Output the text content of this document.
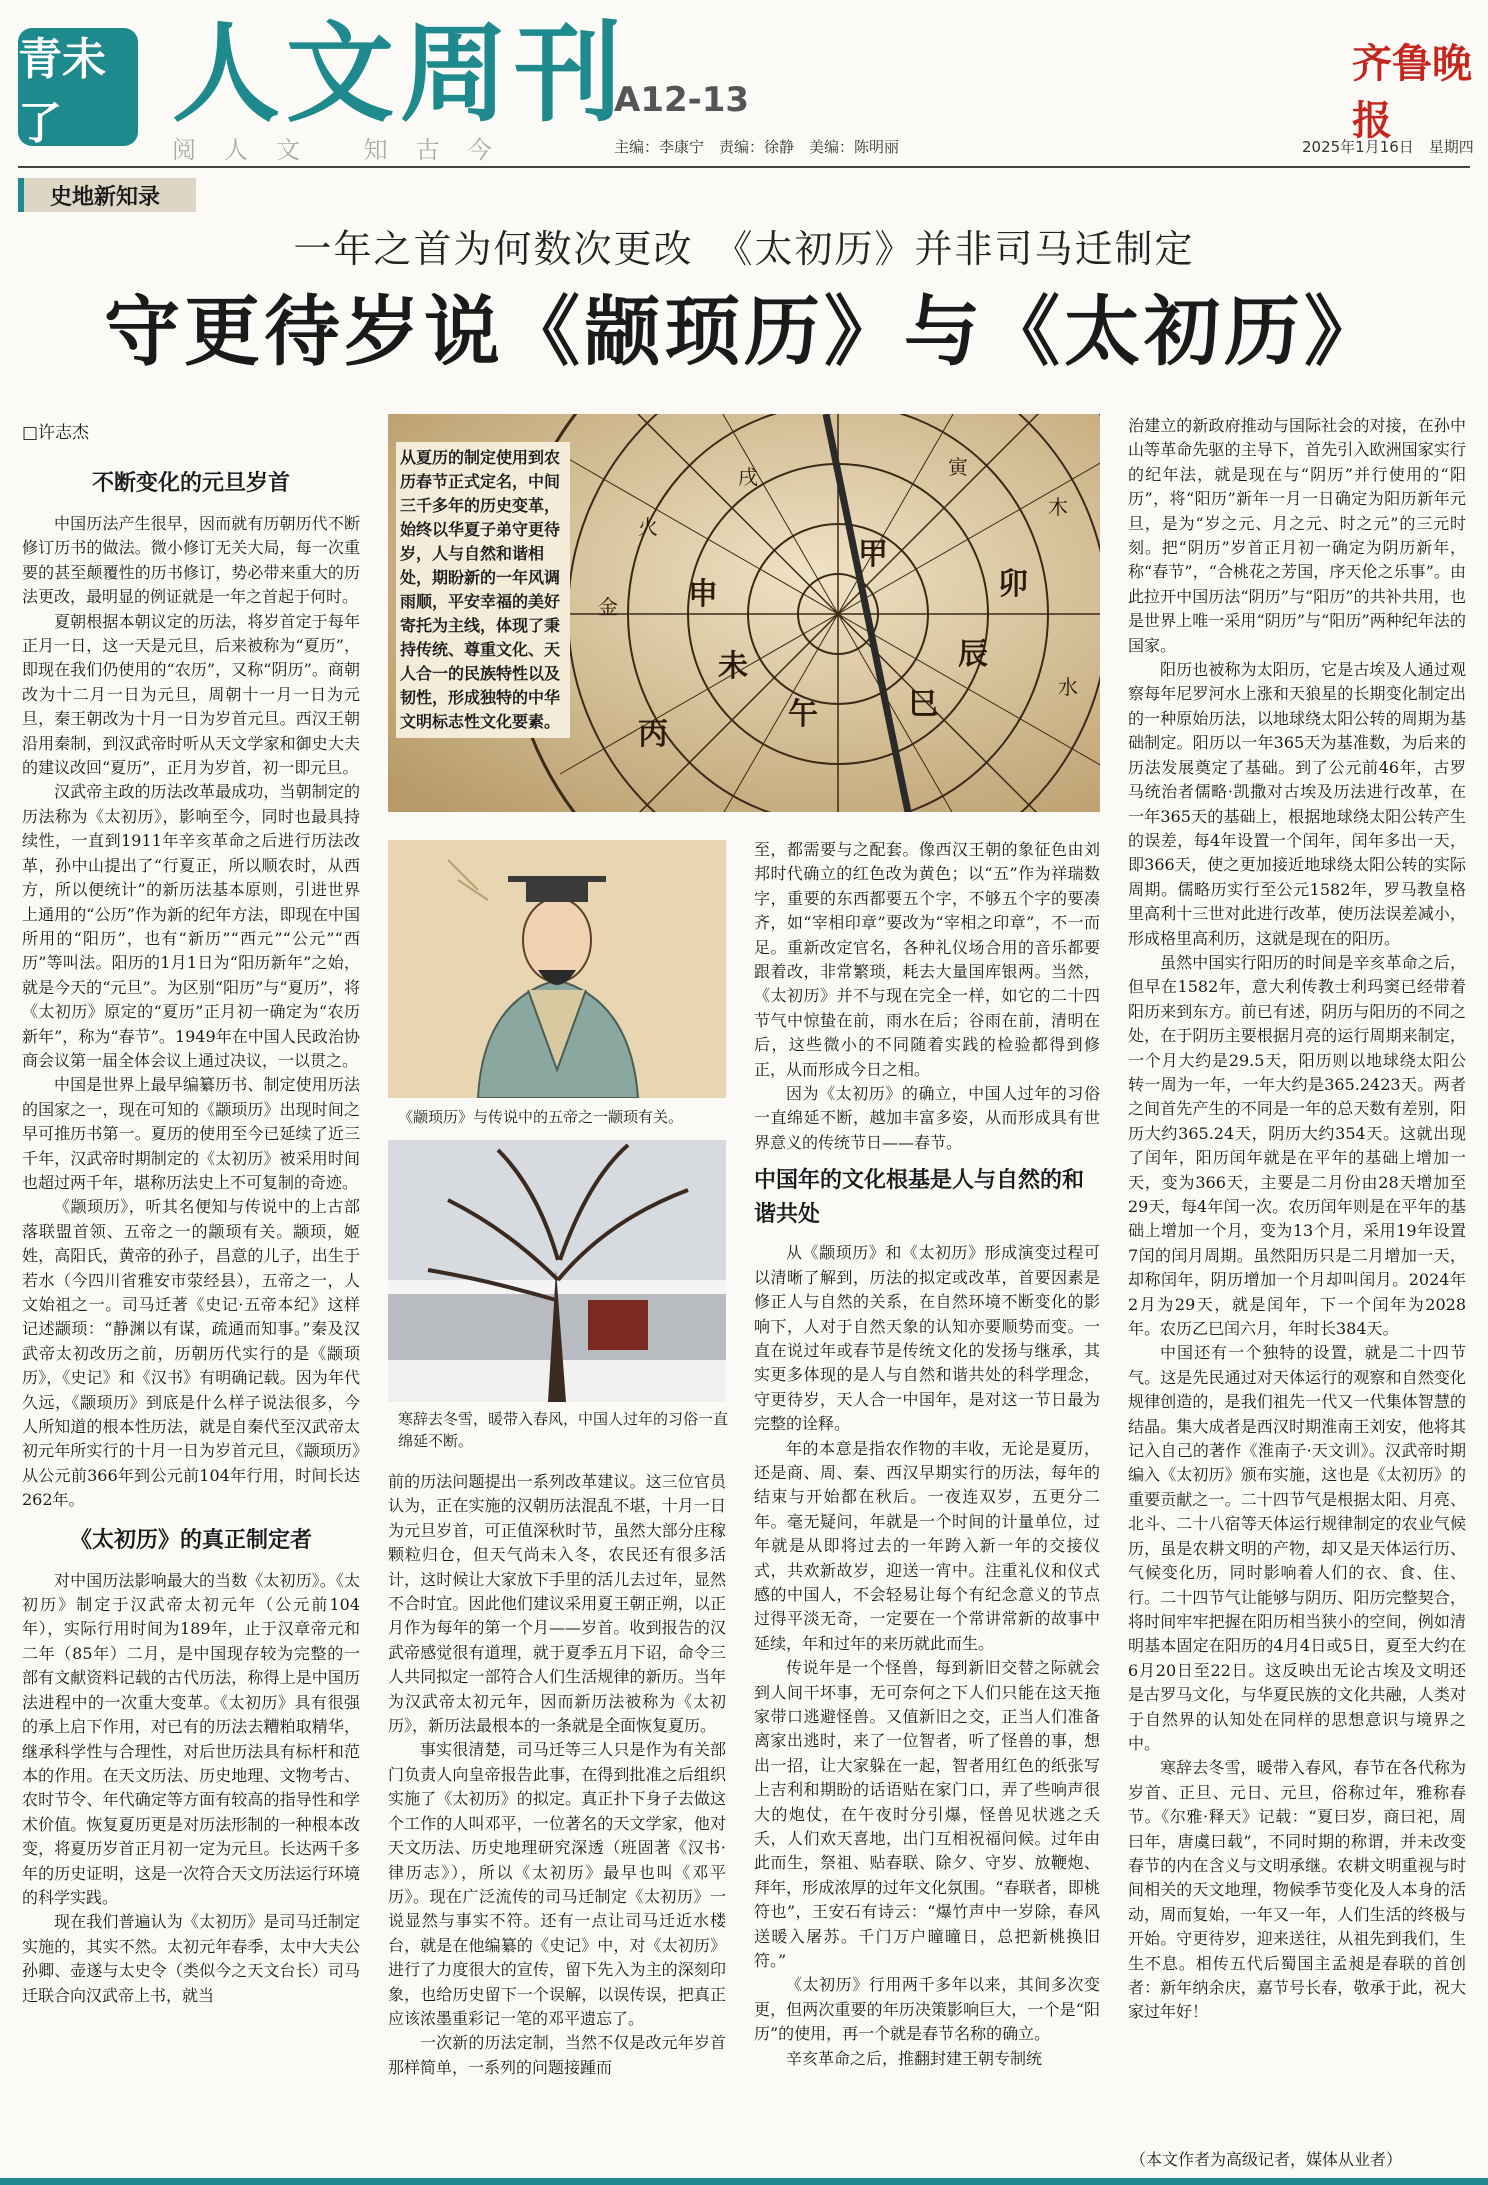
青未了	人文周刊
A12-13
齐鲁晚报
阅人文 知古今	主编：李康宁　责编：徐静　美编：陈明丽	2025年1月16日　星期四
史地新知录
一年之首为何数次更改　《太初历》并非司马迁制定
守更待岁说《颛顼历》与《太初历》
□许志杰
不断变化的元旦岁首

中国历法产生很早，因而就有历朝历代不断修订历书的做法。微小修订无关大局，每一次重要的甚至颠覆性的历书修订，势必带来重大的历法更改，最明显的例证就是一年之首起于何时。

夏朝根据本朝议定的历法，将岁首定于每年正月一日，这一天是元旦，后来被称为“夏历”，即现在我们仍使用的“农历”，又称“阴历”。商朝改为十二月一日为元旦，周朝十一月一日为元旦，秦王朝改为十月一日为岁首元旦。西汉王朝沿用秦制，到汉武帝时听从天文学家和御史大夫的建议改回“夏历”，正月为岁首，初一即元旦。

汉武帝主政的历法改革最成功，当朝制定的历法称为《太初历》，影响至今，同时也最具持续性，一直到1911年辛亥革命之后进行历法改革，孙中山提出了“行夏正，所以顺农时，从西方，所以便统计”的新历法基本原则，引进世界上通用的“公历”作为新的纪年方法，即现在中国所用的“阳历”，也有“新历”“西元”“公元”“西历”等叫法。阳历的1月1日为“阳历新年”之始，就是今天的“元旦”。为区别“阳历”与“夏历”，将《太初历》原定的“夏历”正月初一确定为“农历新年”，称为“春节”。1949年在中国人民政治协商会议第一届全体会议上通过决议，一以贯之。

中国是世界上最早编纂历书、制定使用历法的国家之一，现在可知的《颛顼历》出现时间之早可推历书第一。夏历的使用至今已延续了近三千年，汉武帝时期制定的《太初历》被采用时间也超过两千年，堪称历法史上不可复制的奇迹。

《颛顼历》，听其名便知与传说中的上古部落联盟首领、五帝之一的颛顼有关。颛顼，姬姓，高阳氏，黄帝的孙子，昌意的儿子，出生于若水（今四川省雅安市荥经县），五帝之一，人文始祖之一。司马迁著《史记·五帝本纪》这样记述颛顼：“静渊以有谋，疏通而知事。”秦及汉武帝太初改历之前，历朝历代实行的是《颛顼历》，《史记》和《汉书》有明确记载。因为年代久远，《颛顼历》到底是什么样子说法很多，今人所知道的根本性历法，就是自秦代至汉武帝太初元年所实行的十月一日为岁首元旦，《颛顼历》从公元前366年到公元前104年行用，时间长达262年。

《太初历》的真正制定者

对中国历法影响最大的当数《太初历》。《太初历》制定于汉武帝太初元年（公元前104年），实际行用时间为189年，止于汉章帝元和二年（85年）二月，是中国现存较为完整的一部有文献资料记载的古代历法，称得上是中国历法进程中的一次重大变革。《太初历》具有很强的承上启下作用，对已有的历法去糟粕取精华，继承科学性与合理性，对后世历法具有标杆和范本的作用。在天文历法、历史地理、文物考古、农时节令、年代确定等方面有较高的指导性和学术价值。恢复夏历更是对历法形制的一种根本改变，将夏历岁首正月初一定为元旦。长达两千多年的历史证明，这是一次符合天文历法运行环境的科学实践。

现在我们普遍认为《太初历》是司马迁制定实施的，其实不然。太初元年春季，太中大夫公孙卿、壶遂与太史令（类似今之天文台长）司马迁联合向汉武帝上书，就当

午
未
申
巳
辰
卯
丙
甲
火
金
木
水
寅
戌
从夏历的制定使用到农历春节正式定名，中间三千多年的历史变革，始终以华夏子弟守更待岁，人与自然和谐相处，期盼新的一年风调雨顺，平安幸福的美好寄托为主线，体现了秉持传统、尊重文化、天人合一的民族特性以及韧性，形成独特的中华文明标志性文化要素。
《颛顼历》与传说中的五帝之一颛顼有关。
寒辞去冬雪，暖带入春风，中国人过年的习俗一直绵延不断。

前的历法问题提出一系列改革建议。这三位官员认为，正在实施的汉朝历法混乱不堪，十月一日为元旦岁首，可正值深秋时节，虽然大部分庄稼颗粒归仓，但天气尚未入冬，农民还有很多活计，这时候让大家放下手里的活儿去过年，显然不合时宜。因此他们建议采用夏王朝正朔，以正月作为每年的第一个月——岁首。收到报告的汉武帝感觉很有道理，就于夏季五月下诏，命令三人共同拟定一部符合人们生活规律的新历。当年为汉武帝太初元年，因而新历法被称为《太初历》，新历法最根本的一条就是全面恢复夏历。

事实很清楚，司马迁等三人只是作为有关部门负责人向皇帝报告此事，在得到批准之后组织实施了《太初历》的拟定。真正扑下身子去做这个工作的人叫邓平，一位著名的天文学家，他对天文历法、历史地理研究深透（班固著《汉书·律历志》），所以《太初历》最早也叫《邓平历》。现在广泛流传的司马迁制定《太初历》一说显然与事实不符。还有一点让司马迁近水楼台，就是在他编纂的《史记》中，对《太初历》进行了力度很大的宣传，留下先入为主的深刻印象，也给历史留下一个误解，以误传误，把真正应该浓墨重彩记一笔的邓平遗忘了。

一次新的历法定制，当然不仅是改元年岁首那样简单，一系列的问题接踵而

至，都需要与之配套。像西汉王朝的象征色由刘邦时代确立的红色改为黄色；以“五”作为祥瑞数字，重要的东西都要五个字，不够五个字的要凑齐，如“宰相印章”要改为“宰相之印章”，不一而足。重新改定官名，各种礼仪场合用的音乐都要跟着改，非常繁琐，耗去大量国库银两。当然，《太初历》并不与现在完全一样，如它的二十四节气中惊蛰在前，雨水在后；谷雨在前，清明在后，这些微小的不同随着实践的检验都得到修正，从而形成今日之相。

因为《太初历》的确立，中国人过年的习俗一直绵延不断，越加丰富多姿，从而形成具有世界意义的传统节日——春节。

中国年的文化根基是人与自然的和谐共处

从《颛顼历》和《太初历》形成演变过程可以清晰了解到，历法的拟定或改革，首要因素是修正人与自然的关系，在自然环境不断变化的影响下，人对于自然天象的认知亦要顺势而变。一直在说过年或春节是传统文化的发扬与继承，其实更多体现的是人与自然和谐共处的科学理念，守更待岁，天人合一中国年，是对这一节日最为完整的诠释。

年的本意是指农作物的丰收，无论是夏历，还是商、周、秦、西汉早期实行的历法，每年的结束与开始都在秋后。一夜连双岁，五更分二年。毫无疑问，年就是一个时间的计量单位，过年就是从即将过去的一年跨入新一年的交接仪式，共欢新故岁，迎送一宵中。注重礼仪和仪式感的中国人，不会轻易让每个有纪念意义的节点过得平淡无奇，一定要在一个常讲常新的故事中延续，年和过年的来历就此而生。

传说年是一个怪兽，每到新旧交替之际就会到人间干坏事，无可奈何之下人们只能在这天拖家带口逃避怪兽。又值新旧之交，正当人们准备离家出逃时，来了一位智者，听了怪兽的事，想出一招，让大家躲在一起，智者用红色的纸张写上吉利和期盼的话语贴在家门口，弄了些响声很大的炮仗，在午夜时分引爆，怪兽见状逃之夭夭，人们欢天喜地，出门互相祝福问候。过年由此而生，祭祖、贴春联、除夕、守岁、放鞭炮、拜年，形成浓厚的过年文化氛围。“春联者，即桃符也”，王安石有诗云：“爆竹声中一岁除，春风送暖入屠苏。千门万户曈曈日，总把新桃换旧符。”

《太初历》行用两千多年以来，其间多次变更，但两次重要的年历决策影响巨大，一个是“阳历”的使用，再一个就是春节名称的确立。

辛亥革命之后，推翻封建王朝专制统

治建立的新政府推动与国际社会的对接，在孙中山等革命先驱的主导下，首先引入欧洲国家实行的纪年法，就是现在与“阴历”并行使用的“阳历”，将“阳历”新年一月一日确定为阳历新年元旦，是为“岁之元、月之元、时之元”的三元时刻。把“阴历”岁首正月初一确定为阴历新年，称“春节”，“合桃花之芳国，序天伦之乐事”。由此拉开中国历法“阴历”与“阳历”的共补共用，也是世界上唯一采用“阴历”与“阳历”两种纪年法的国家。

阳历也被称为太阳历，它是古埃及人通过观察每年尼罗河水上涨和天狼星的长期变化制定出的一种原始历法，以地球绕太阳公转的周期为基础制定。阳历以一年365天为基准数，为后来的历法发展奠定了基础。到了公元前46年，古罗马统治者儒略·凯撒对古埃及历法进行改革，在一年365天的基础上，根据地球绕太阳公转产生的误差，每4年设置一个闰年，闰年多出一天，即366天，使之更加接近地球绕太阳公转的实际周期。儒略历实行至公元1582年，罗马教皇格里高利十三世对此进行改革，使历法误差减小，形成格里高利历，这就是现在的阳历。

虽然中国实行阳历的时间是辛亥革命之后，但早在1582年，意大利传教士利玛窦已经带着阳历来到东方。前已有述，阴历与阳历的不同之处，在于阴历主要根据月亮的运行周期来制定，一个月大约是29.5天，阳历则以地球绕太阳公转一周为一年，一年大约是365.2423天。两者之间首先产生的不同是一年的总天数有差别，阳历大约365.24天，阴历大约354天。这就出现了闰年，阳历闰年就是在平年的基础上增加一天，变为366天，主要是二月份由28天增加至29天，每4年闰一次。农历闰年则是在平年的基础上增加一个月，变为13个月，采用19年设置7闰的闰月周期。虽然阳历只是二月增加一天，却称闰年，阴历增加一个月却叫闰月。2024年2月为29天，就是闰年，下一个闰年为2028年。农历乙巳闰六月，年时长384天。

中国还有一个独特的设置，就是二十四节气。这是先民通过对天体运行的观察和自然变化规律创造的，是我们祖先一代又一代集体智慧的结晶。集大成者是西汉时期淮南王刘安，他将其记入自己的著作《淮南子·天文训》。汉武帝时期编入《太初历》颁布实施，这也是《太初历》的重要贡献之一。二十四节气是根据太阳、月亮、北斗、二十八宿等天体运行规律制定的农业气候历，虽是农耕文明的产物，却又是天体运行历、气候变化历，同时影响着人们的衣、食、住、行。二十四节气让能够与阴历、阳历完整契合，将时间牢牢把握在阳历相当狭小的空间，例如清明基本固定在阳历的4月4日或5日，夏至大约在6月20日至22日。这反映出无论古埃及文明还是古罗马文化，与华夏民族的文化共融，人类对于自然界的认知处在同样的思想意识与境界之中。

寒辞去冬雪，暖带入春风，春节在各代称为岁首、正旦、元日、元旦，俗称过年，雅称春节。《尔雅·释天》记载：“夏曰岁，商曰祀，周曰年，唐虞曰载”，不同时期的称谓，并未改变春节的内在含义与文明承继。农耕文明重视与时间相关的天文地理，物候季节变化及人本身的活动，周而复始，一年又一年，人们生活的终极与开始。守更待岁，迎来送往，从祖先到我们，生生不息。相传五代后蜀国主孟昶是春联的首创者：新年纳余庆，嘉节号长春，敬承于此，祝大家过年好！

（本文作者为高级记者，媒体从业者）
